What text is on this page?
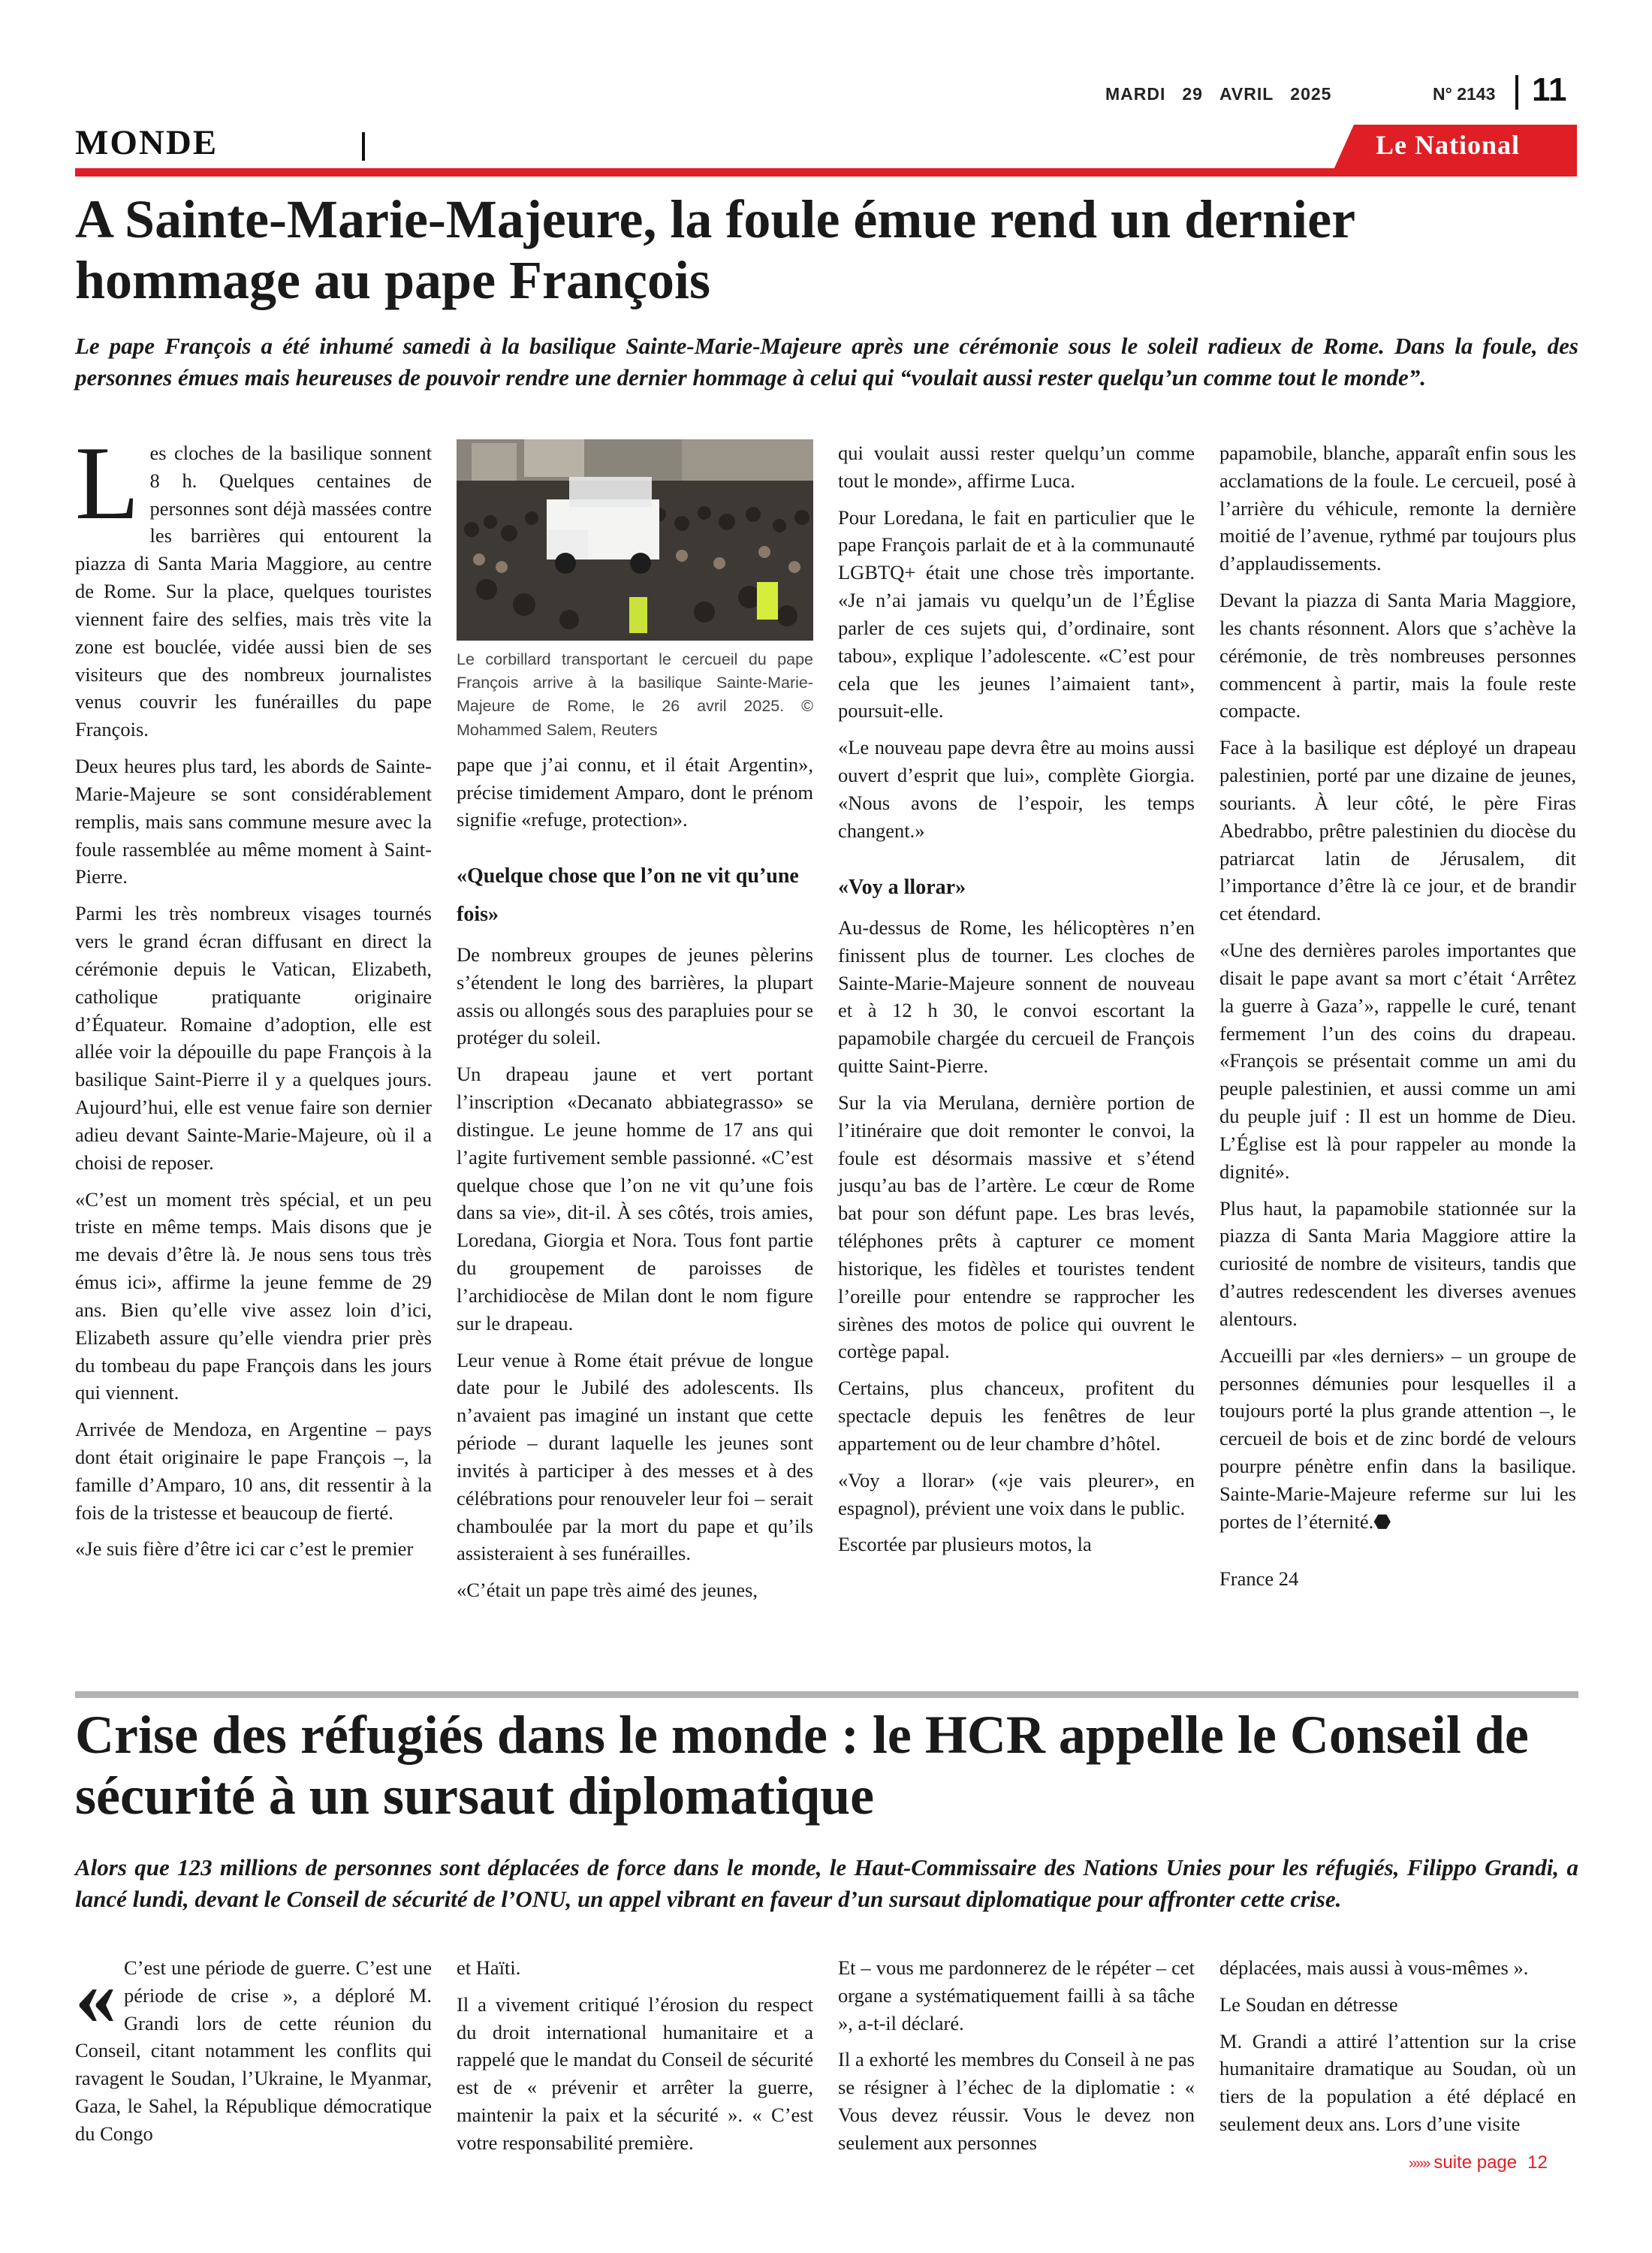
MARDI 29 AVRIL 2025	N° 2143 11
MONDE	Le National
A Sainte-Marie-Majeure, la foule émue rend un dernier hommage au pape François

Le pape François a été inhumé samedi à la basilique Sainte-Marie-Majeure après une cérémonie sous le soleil radieux de Rome. Dans la foule, des personnes émues mais heureuses de pouvoir rendre une dernier hommage à celui qui “voulait aussi rester quelqu’un comme tout le monde”.

Les cloches de la basilique sonnent 8 h. Quelques centaines de personnes sont déjà massées contre les barrières qui entourent la piazza di Santa Maria Maggiore, au centre de Rome. Sur la place, quelques touristes viennent faire des selfies, mais très vite la zone est bouclée, vidée aussi bien de ses visiteurs que des nombreux journalistes venus couvrir les funérailles du pape François.

Deux heures plus tard, les abords de Sainte-Marie-Majeure se sont considérablement remplis, mais sans commune mesure avec la foule rassemblée au même moment à Saint-Pierre.

Parmi les très nombreux visages tournés vers le grand écran diffusant en direct la cérémonie depuis le Vatican, Elizabeth, catholique pratiquante originaire d’Équateur. Romaine d’adoption, elle est allée voir la dépouille du pape François à la basilique Saint-Pierre il y a quelques jours. Aujourd’hui, elle est venue faire son dernier adieu devant Sainte-Marie-Majeure, où il a choisi de reposer.

«C’est un moment très spécial, et un peu triste en même temps. Mais disons que je me devais d’être là. Je nous sens tous très émus ici», affirme la jeune femme de 29 ans. Bien qu’elle vive assez loin d’ici, Elizabeth assure qu’elle viendra prier près du tombeau du pape François dans les jours qui viennent.

Arrivée de Mendoza, en Argentine – pays dont était originaire le pape François –, la famille d’Amparo, 10 ans, dit ressentir à la fois de la tristesse et beaucoup de fierté.

«Je suis fière d’être ici car c’est le premier

Le corbillard transportant le cercueil du pape François arrive à la basilique Sainte-Marie-Majeure de Rome, le 26 avril 2025. © Mohammed Salem, Reuters

pape que j’ai connu, et il était Argentin», précise timidement Amparo, dont le prénom signifie «refuge, protection».

«Quelque chose que l’on ne vit qu’une fois»

De nombreux groupes de jeunes pèlerins s’étendent le long des barrières, la plupart assis ou allongés sous des parapluies pour se protéger du soleil.

Un drapeau jaune et vert portant l’inscription «Decanato abbiategrasso» se distingue. Le jeune homme de 17 ans qui l’agite furtivement semble passionné. «C’est quelque chose que l’on ne vit qu’une fois dans sa vie», dit-il. À ses côtés, trois amies, Loredana, Giorgia et Nora. Tous font partie du groupement de paroisses de l’archidiocèse de Milan dont le nom figure sur le drapeau.

Leur venue à Rome était prévue de longue date pour le Jubilé des adolescents. Ils n’avaient pas imaginé un instant que cette période – durant laquelle les jeunes sont invités à participer à des messes et à des célébrations pour renouveler leur foi – serait chamboulée par la mort du pape et qu’ils assisteraient à ses funérailles.

«C’était un pape très aimé des jeunes,

qui voulait aussi rester quelqu’un comme tout le monde», affirme Luca.

Pour Loredana, le fait en particulier que le pape François parlait de et à la communauté LGBTQ+ était une chose très importante. «Je n’ai jamais vu quelqu’un de l’Église parler de ces sujets qui, d’ordinaire, sont tabou», explique l’adolescente. «C’est pour cela que les jeunes l’aimaient tant», poursuit-elle.

«Le nouveau pape devra être au moins aussi ouvert d’esprit que lui», complète Giorgia. «Nous avons de l’espoir, les temps changent.»

«Voy a llorar»

Au-dessus de Rome, les hélicoptères n’en finissent plus de tourner. Les cloches de Sainte-Marie-Majeure sonnent de nouveau et à 12 h 30, le convoi escortant la papamobile chargée du cercueil de François quitte Saint-Pierre.

Sur la via Merulana, dernière portion de l’itinéraire que doit remonter le convoi, la foule est désormais massive et s’étend jusqu’au bas de l’artère. Le cœur de Rome bat pour son défunt pape. Les bras levés, téléphones prêts à capturer ce moment historique, les fidèles et touristes tendent l’oreille pour entendre se rapprocher les sirènes des motos de police qui ouvrent le cortège papal.

Certains, plus chanceux, profitent du spectacle depuis les fenêtres de leur appartement ou de leur chambre d’hôtel.

«Voy a llorar» («je vais pleurer», en espagnol), prévient une voix dans le public.

Escortée par plusieurs motos, la

papamobile, blanche, apparaît enfin sous les acclamations de la foule. Le cercueil, posé à l’arrière du véhicule, remonte la dernière moitié de l’avenue, rythmé par toujours plus d’applaudissements.

Devant la piazza di Santa Maria Maggiore, les chants résonnent. Alors que s’achève la cérémonie, de très nombreuses personnes commencent à partir, mais la foule reste compacte.

Face à la basilique est déployé un drapeau palestinien, porté par une dizaine de jeunes, souriants. À leur côté, le père Firas Abedrabbo, prêtre palestinien du diocèse du patriarcat latin de Jérusalem, dit l’importance d’être là ce jour, et de brandir cet étendard.

«Une des dernières paroles importantes que disait le pape avant sa mort c’était ‘Arrêtez la guerre à Gaza’», rappelle le curé, tenant fermement l’un des coins du drapeau. «François se présentait comme un ami du peuple palestinien, et aussi comme un ami du peuple juif : Il est un homme de Dieu. L’Église est là pour rappeler au monde la dignité».

Plus haut, la papamobile stationnée sur la piazza di Santa Maria Maggiore attire la curiosité de nombre de visiteurs, tandis que d’autres redescendent les diverses avenues alentours.

Accueilli par «les derniers» – un groupe de personnes démunies pour lesquelles il a toujours porté la plus grande attention –, le cercueil de bois et de zinc bordé de velours pourpre pénètre enfin dans la basilique. Sainte-Marie-Majeure referme sur lui les portes de l’éternité.⬣

France 24

Crise des réfugiés dans le monde : le HCR appelle le Conseil de sécurité à un sursaut diplomatique

Alors que 123 millions de personnes sont déplacées de force dans le monde, le Haut-Commissaire des Nations Unies pour les réfugiés, Filippo Grandi, a lancé lundi, devant le Conseil de sécurité de l’ONU, un appel vibrant en faveur d’un sursaut diplomatique pour affronter cette crise.

« C’est une période de guerre. C’est une période de crise », a déploré M. Grandi lors de cette réunion du Conseil, citant notamment les conflits qui ravagent le Soudan, l’Ukraine, le Myanmar, Gaza, le Sahel, la République démocratique du Congo

et Haïti.

Il a vivement critiqué l’érosion du respect du droit international humanitaire et a rappelé que le mandat du Conseil de sécurité est de « prévenir et arrêter la guerre, maintenir la paix et la sécurité ». « C’est votre responsabilité première.

Et – vous me pardonnerez de le répéter – cet organe a systématiquement failli à sa tâche », a-t-il déclaré.

Il a exhorté les membres du Conseil à ne pas se résigner à l’échec de la diplomatie : « Vous devez réussir. Vous le devez non seulement aux personnes

déplacées, mais aussi à vous-mêmes ».

Le Soudan en détresse

M. Grandi a attiré l’attention sur la crise humanitaire dramatique au Soudan, où un tiers de la population a été déplacé en seulement deux ans. Lors d’une visite

»»» suite page 12
